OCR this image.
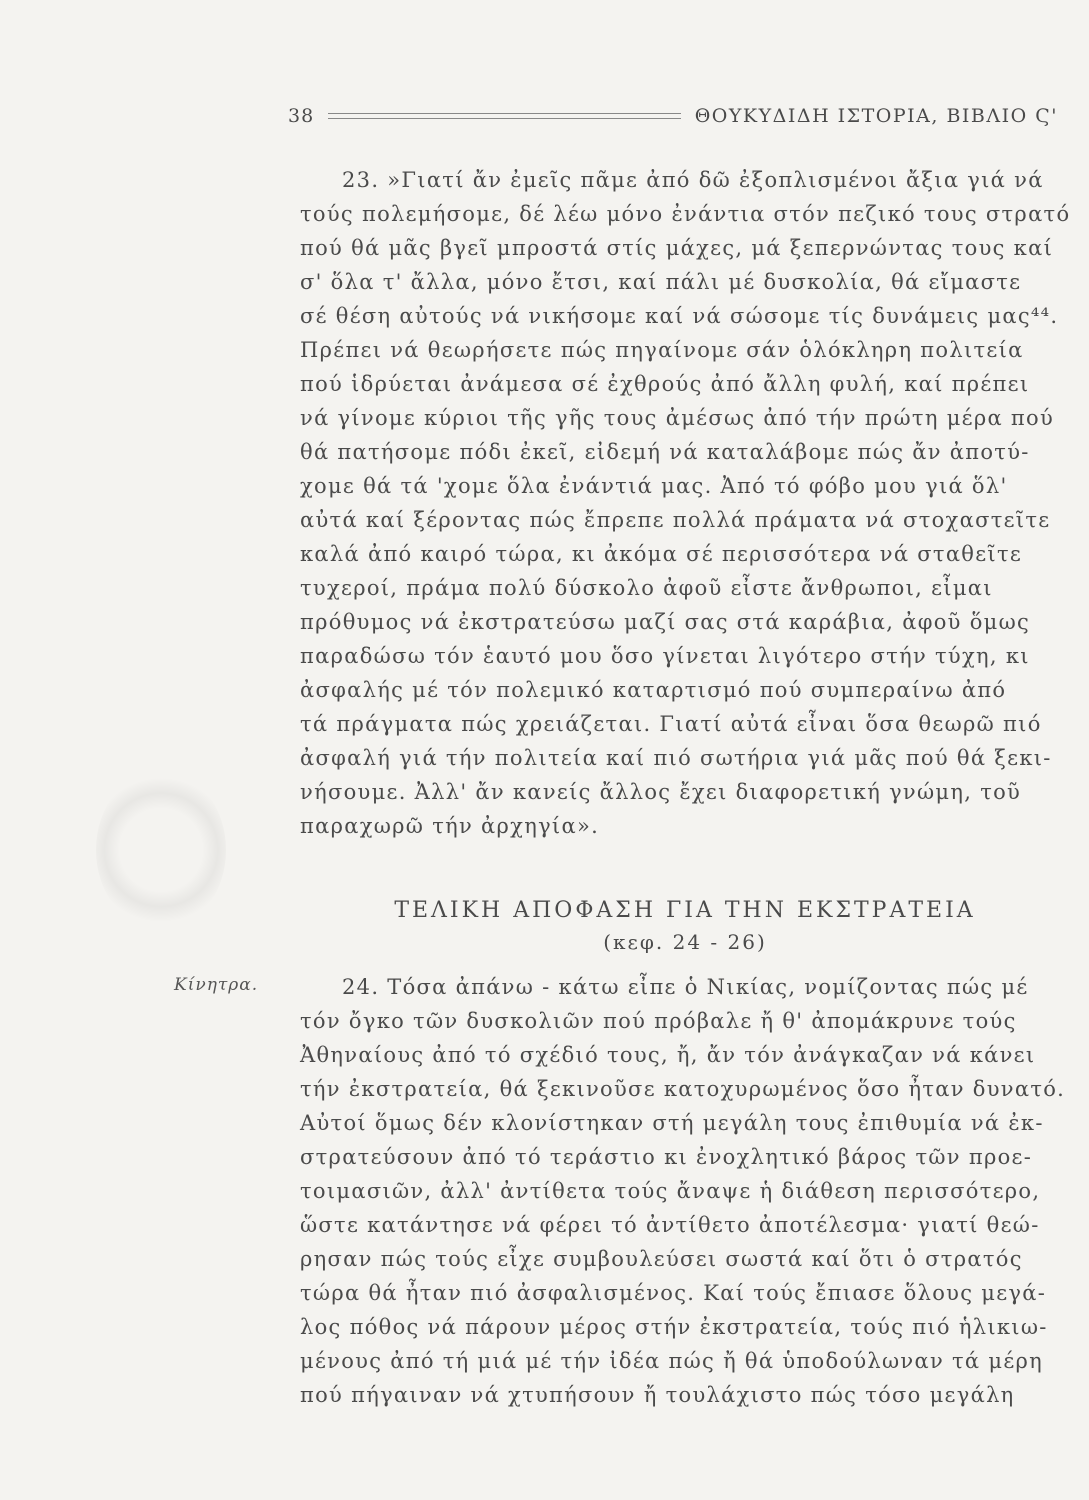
38	ΘΟΥΚΥΔΙΔΗ ΙΣΤΟΡΙΑ, ΒΙΒΛΙΟ Ϛ'
23. »Γιατί ἄν ἐμεῖς πᾶμε ἀπό δῶ ἐξοπλισμένοι ἄξια γιά νά
τούς πολεμήσομε, δέ λέω μόνο ἐνάντια στόν πεζικό τους στρατό
πού θά μᾶς βγεῖ μπροστά στίς μάχες, μά ξεπερνώντας τους καί
σ' ὅλα τ' ἄλλα, μόνο ἔτσι, καί πάλι μέ δυσκολία, θά εἴμαστε
σέ θέση αὐτούς νά νικήσομε καί νά σώσομε τίς δυνάμεις μας⁴⁴.
Πρέπει νά θεωρήσετε πώς πηγαίνομε σάν ὁλόκληρη πολιτεία
πού ἱδρύεται ἀνάμεσα σέ ἐχθρούς ἀπό ἄλλη φυλή, καί πρέπει
νά γίνομε κύριοι τῆς γῆς τους ἀμέσως ἀπό τήν πρώτη μέρα πού
θά πατήσομε πόδι ἐκεῖ, εἰδεμή νά καταλάβομε πώς ἄν ἀποτύ-
χομε θά τά 'χομε ὅλα ἐνάντιά μας. Ἀπό τό φόβο μου γιά ὅλ'
αὐτά καί ξέροντας πώς ἔπρεπε πολλά πράματα νά στοχαστεῖτε
καλά ἀπό καιρό τώρα, κι ἀκόμα σέ περισσότερα νά σταθεῖτε
τυχεροί, πράμα πολύ δύσκολο ἀφοῦ εἶστε ἄνθρωποι, εἶμαι
πρόθυμος νά ἐκστρατεύσω μαζί σας στά καράβια, ἀφοῦ ὅμως
παραδώσω τόν ἑαυτό μου ὅσο γίνεται λιγότερο στήν τύχη, κι
ἀσφαλής μέ τόν πολεμικό καταρτισμό πού συμπεραίνω ἀπό
τά πράγματα πώς χρειάζεται. Γιατί αὐτά εἶναι ὅσα θεωρῶ πιό
ἀσφαλή γιά τήν πολιτεία καί πιό σωτήρια γιά μᾶς πού θά ξεκι-
νήσουμε. Ἀλλ' ἄν κανείς ἄλλος ἔχει διαφορετική γνώμη, τοῦ
παραχωρῶ τήν ἀρχηγία».
ΤΕΛΙΚΗ ΑΠΟΦΑΣΗ ΓΙΑ ΤΗΝ ΕΚΣΤΡΑΤΕΙΑ
(κεφ. 24 - 26)
Κίνητρα.	24. Τόσα ἀπάνω - κάτω εἶπε ὁ Νικίας, νομίζοντας πώς μέ
τόν ὄγκο τῶν δυσκολιῶν πού πρόβαλε ἤ θ' ἀπομάκρυνε τούς
Ἀθηναίους ἀπό τό σχέδιό τους, ἤ, ἄν τόν ἀνάγκαζαν νά κάνει
τήν ἐκστρατεία, θά ξεκινοῦσε κατοχυρωμένος ὅσο ἦταν δυνατό.
Αὐτοί ὅμως δέν κλονίστηκαν στή μεγάλη τους ἐπιθυμία νά ἐκ-
στρατεύσουν ἀπό τό τεράστιο κι ἐνοχλητικό βάρος τῶν προε-
τοιμασιῶν, ἀλλ' ἀντίθετα τούς ἄναψε ἡ διάθεση περισσότερο,
ὥστε κατάντησε νά φέρει τό ἀντίθετο ἀποτέλεσμα· γιατί θεώ-
ρησαν πώς τούς εἶχε συμβουλεύσει σωστά καί ὅτι ὁ στρατός
τώρα θά ἦταν πιό ἀσφαλισμένος. Καί τούς ἔπιασε ὅλους μεγά-
λος πόθος νά πάρουν μέρος στήν ἐκστρατεία, τούς πιό ἡλικιω-
μένους ἀπό τή μιά μέ τήν ἰδέα πώς ἤ θά ὑποδούλωναν τά μέρη
πού πήγαιναν νά χτυπήσουν ἤ τουλάχιστο πώς τόσο μεγάλη
